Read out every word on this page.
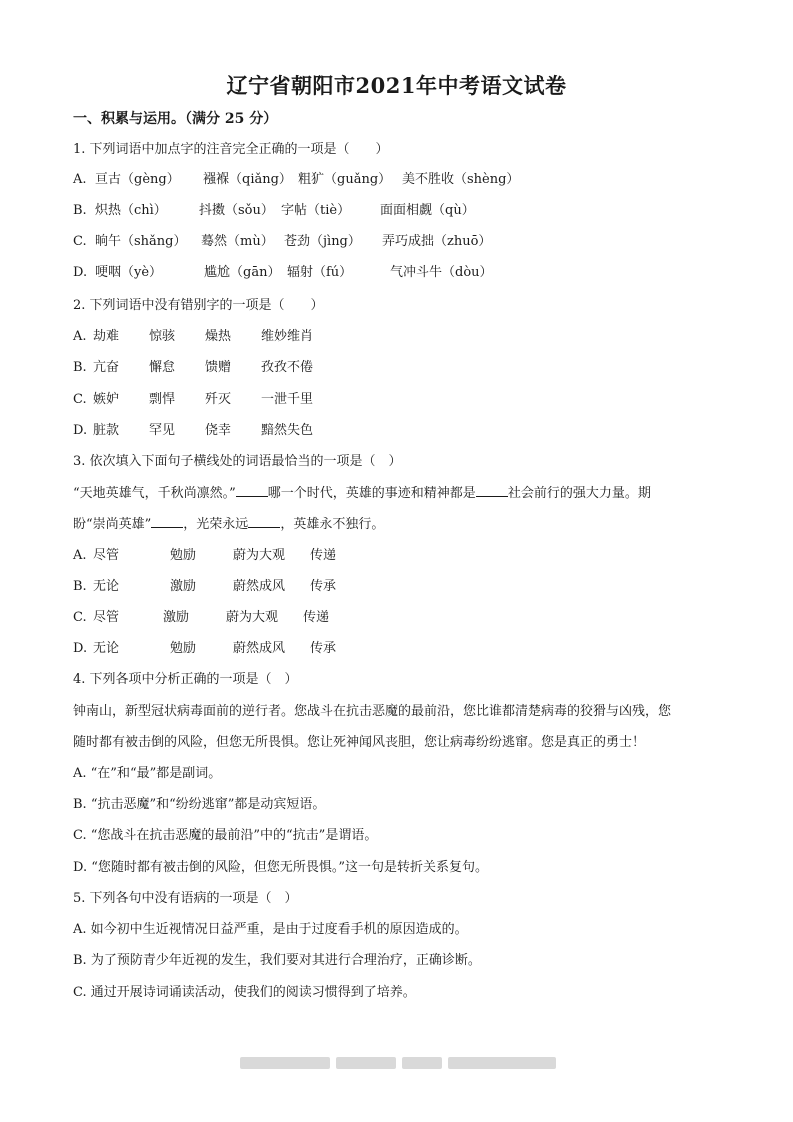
辽宁省朝阳市2021年中考语文试卷
一、积累与运用。（满分 25 分）
1. 下列词语中加点字的注音完全正确的一项是（　　）
A. 亘古（gèng） 襁褓（qiǎng） 粗犷（guǎng） 美不胜收（shèng）
B. 炽热（chì） 抖擞（sǒu） 字帖（tiè） 面面相觑（qù）
C. 晌午（shǎng） 蓦然（mù） 苍劲（jìng） 弄巧成拙（zhuō）
D. 哽咽（yè）	尴尬（gān） 辐射（fú）	气冲斗牛（dòu）
2. 下列词语中没有错别字的一项是（　　）
A. 劫难 惊骇 燥热 维妙维肖
B. 亢奋 懈怠 馈赠 孜孜不倦
C. 嫉妒 剽悍 歼灭 一泄千里
D. 脏款 罕见 侥幸 黯然失色
3. 依次填入下面句子横线处的词语最恰当的一项是（　）
“天地英雄气，千秋尚凛然。” 哪一个时代，英雄的事迹和精神都是 社会前行的强大力量。期
盼“崇尚英雄” ，光荣永远 ，英雄永不独行。
A. 尽管	勉励	蔚为大观 传递
B. 无论	激励	蔚然成风 传承
C. 尽管	激励	蔚为大观 传递
D. 无论	勉励	蔚然成风 传承
4. 下列各项中分析正确的一项是（　）
钟南山，新型冠状病毒面前的逆行者。您战斗在抗击恶魔的最前沿，您比谁都清楚病毒的狡猾与凶残，您
随时都有被击倒的风险，但您无所畏惧。您让死神闻风丧胆，您让病毒纷纷逃窜。您是真正的勇士！
A. “在”和“最”都是副词。
B. “抗击恶魔”和“纷纷逃窜”都是动宾短语。
C. “您战斗在抗击恶魔的最前沿”中的“抗击”是谓语。
D. “您随时都有被击倒的风险，但您无所畏惧。”这一句是转折关系复句。
5. 下列各句中没有语病的一项是（　）
A. 如今初中生近视情况日益严重，是由于过度看手机的原因造成的。
B. 为了预防青少年近视的发生，我们要对其进行合理治疗，正确诊断。
C. 通过开展诗词诵读活动，使我们的阅读习惯得到了培养。
